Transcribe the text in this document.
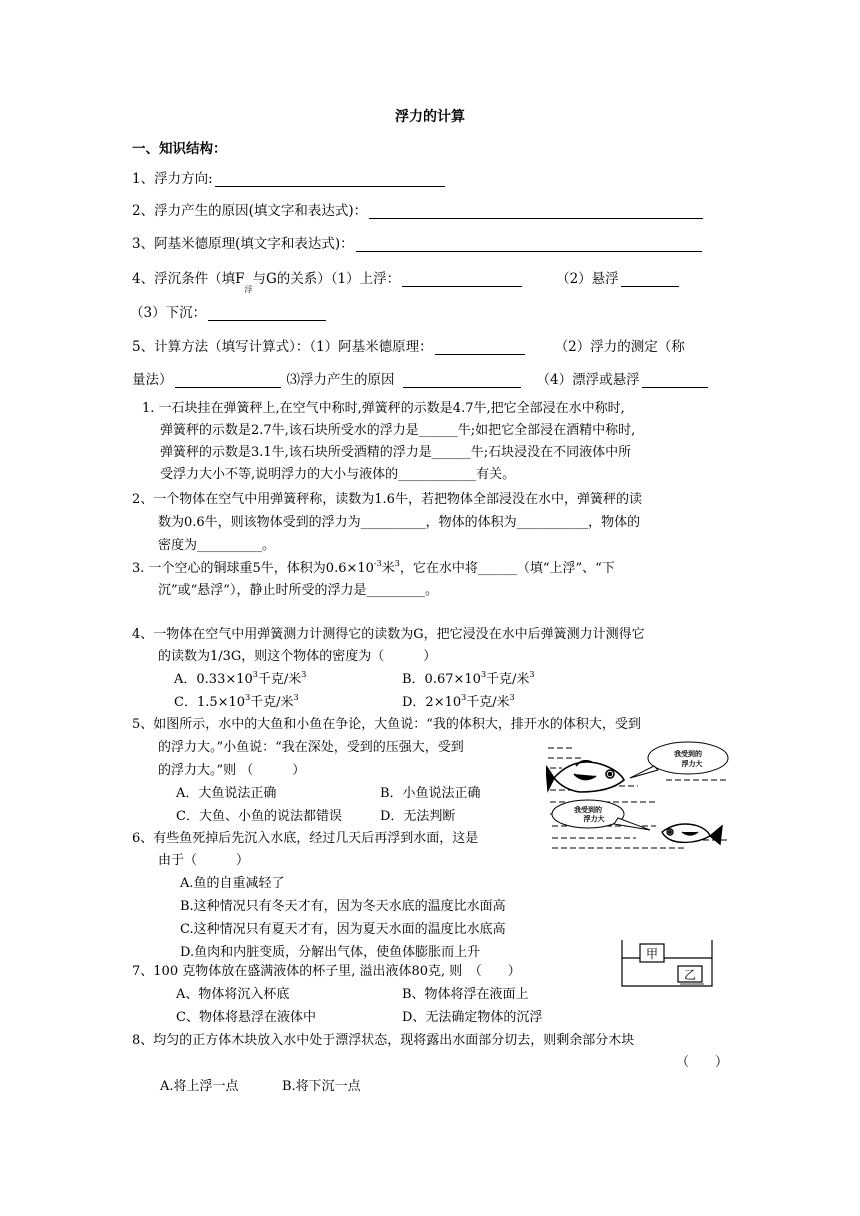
浮力的计算
一、知识结构：
1、浮力方向:
2、浮力产生的原因(填文字和表达式)：
3、阿基米德原理(填文字和表达式)：
4、浮沉条件（填F
浮
与G的关系）（1）上浮：	（2）悬浮
（3）下沉：
5、计算方法（填写计算式）：（1）阿基米德原理：	（2）浮力的测定（称
量法）	⑶浮力产生的原因	（4）漂浮或悬浮
1. 一石块挂在弹簧秤上,在空气中称时,弹簧秤的示数是4.7牛,把它全部浸在水中称时,
弹簧秤的示数是2.7牛,该石块所受水的浮力是______牛;如把它全部浸在酒精中称时,
弹簧秤的示数是3.1牛,该石块所受酒精的浮力是______牛;石块浸没在不同液体中所
受浮力大小不等,说明浮力的大小与液体的____________有关。
2、一个物体在空气中用弹簧秤称，读数为1.6牛，若把物体全部浸没在水中，弹簧秤的读
数为0.6牛，则该物体受到的浮力为__________，物体的体积为___________，物体的
密度为__________。
3. 一个空心的铜球重5牛，体积为$0.6\times 10^{-3}$米$^3$，它在水中将______（填“上浮”、“下
沉”或“悬浮”），静止时所受的浮力是_________。
4、一物体在空气中用弹簧测力计测得它的读数为G，把它浸没在水中后弹簧测力计测得它
的读数为1/3G，则这个物体的密度为（　　　）
A．$0.33\times 10^3$千克/米$^3$	B．$0.67\times 10^3$千克/米$^3$
C．$1.5\times 10^3$千克/米$^3$	D．$2\times 10^3$千克/米$^3$
5、如图所示，水中的大鱼和小鱼在争论，大鱼说：“我的体积大，排开水的体积大，受到
的浮力大。”小鱼说：“我在深处，受到的压强大，受到
的浮力大。”则 （　　　）
A．大鱼说法正确	B．小鱼说法正确
C．大鱼、小鱼的说法都错误	D．无法判断
我受到的
浮力大
我受到的
浮力大
6、有些鱼死掉后先沉入水底，经过几天后再浮到水面，这是
由于（　　　）
A.鱼的自重减轻了
B.这种情况只有冬天才有，因为冬天水底的温度比水面高
C.这种情况只有夏天才有，因为夏天水面的温度比水底高
D.鱼肉和内脏变质，分解出气体，使鱼体膨胀而上升	甲
乙
7、100 克物体放在盛满液体的杯子里, 溢出液体80克, 则　（　　）
A、物体将沉入杯底	B、物体将浮在液面上
C、物体将悬浮在液体中	D、无法确定物体的沉浮
8、均匀的正方体木块放入水中处于漂浮状态，现将露出水面部分切去，则剩余部分木块
（　　）
A.将上浮一点	B.将下沉一点
